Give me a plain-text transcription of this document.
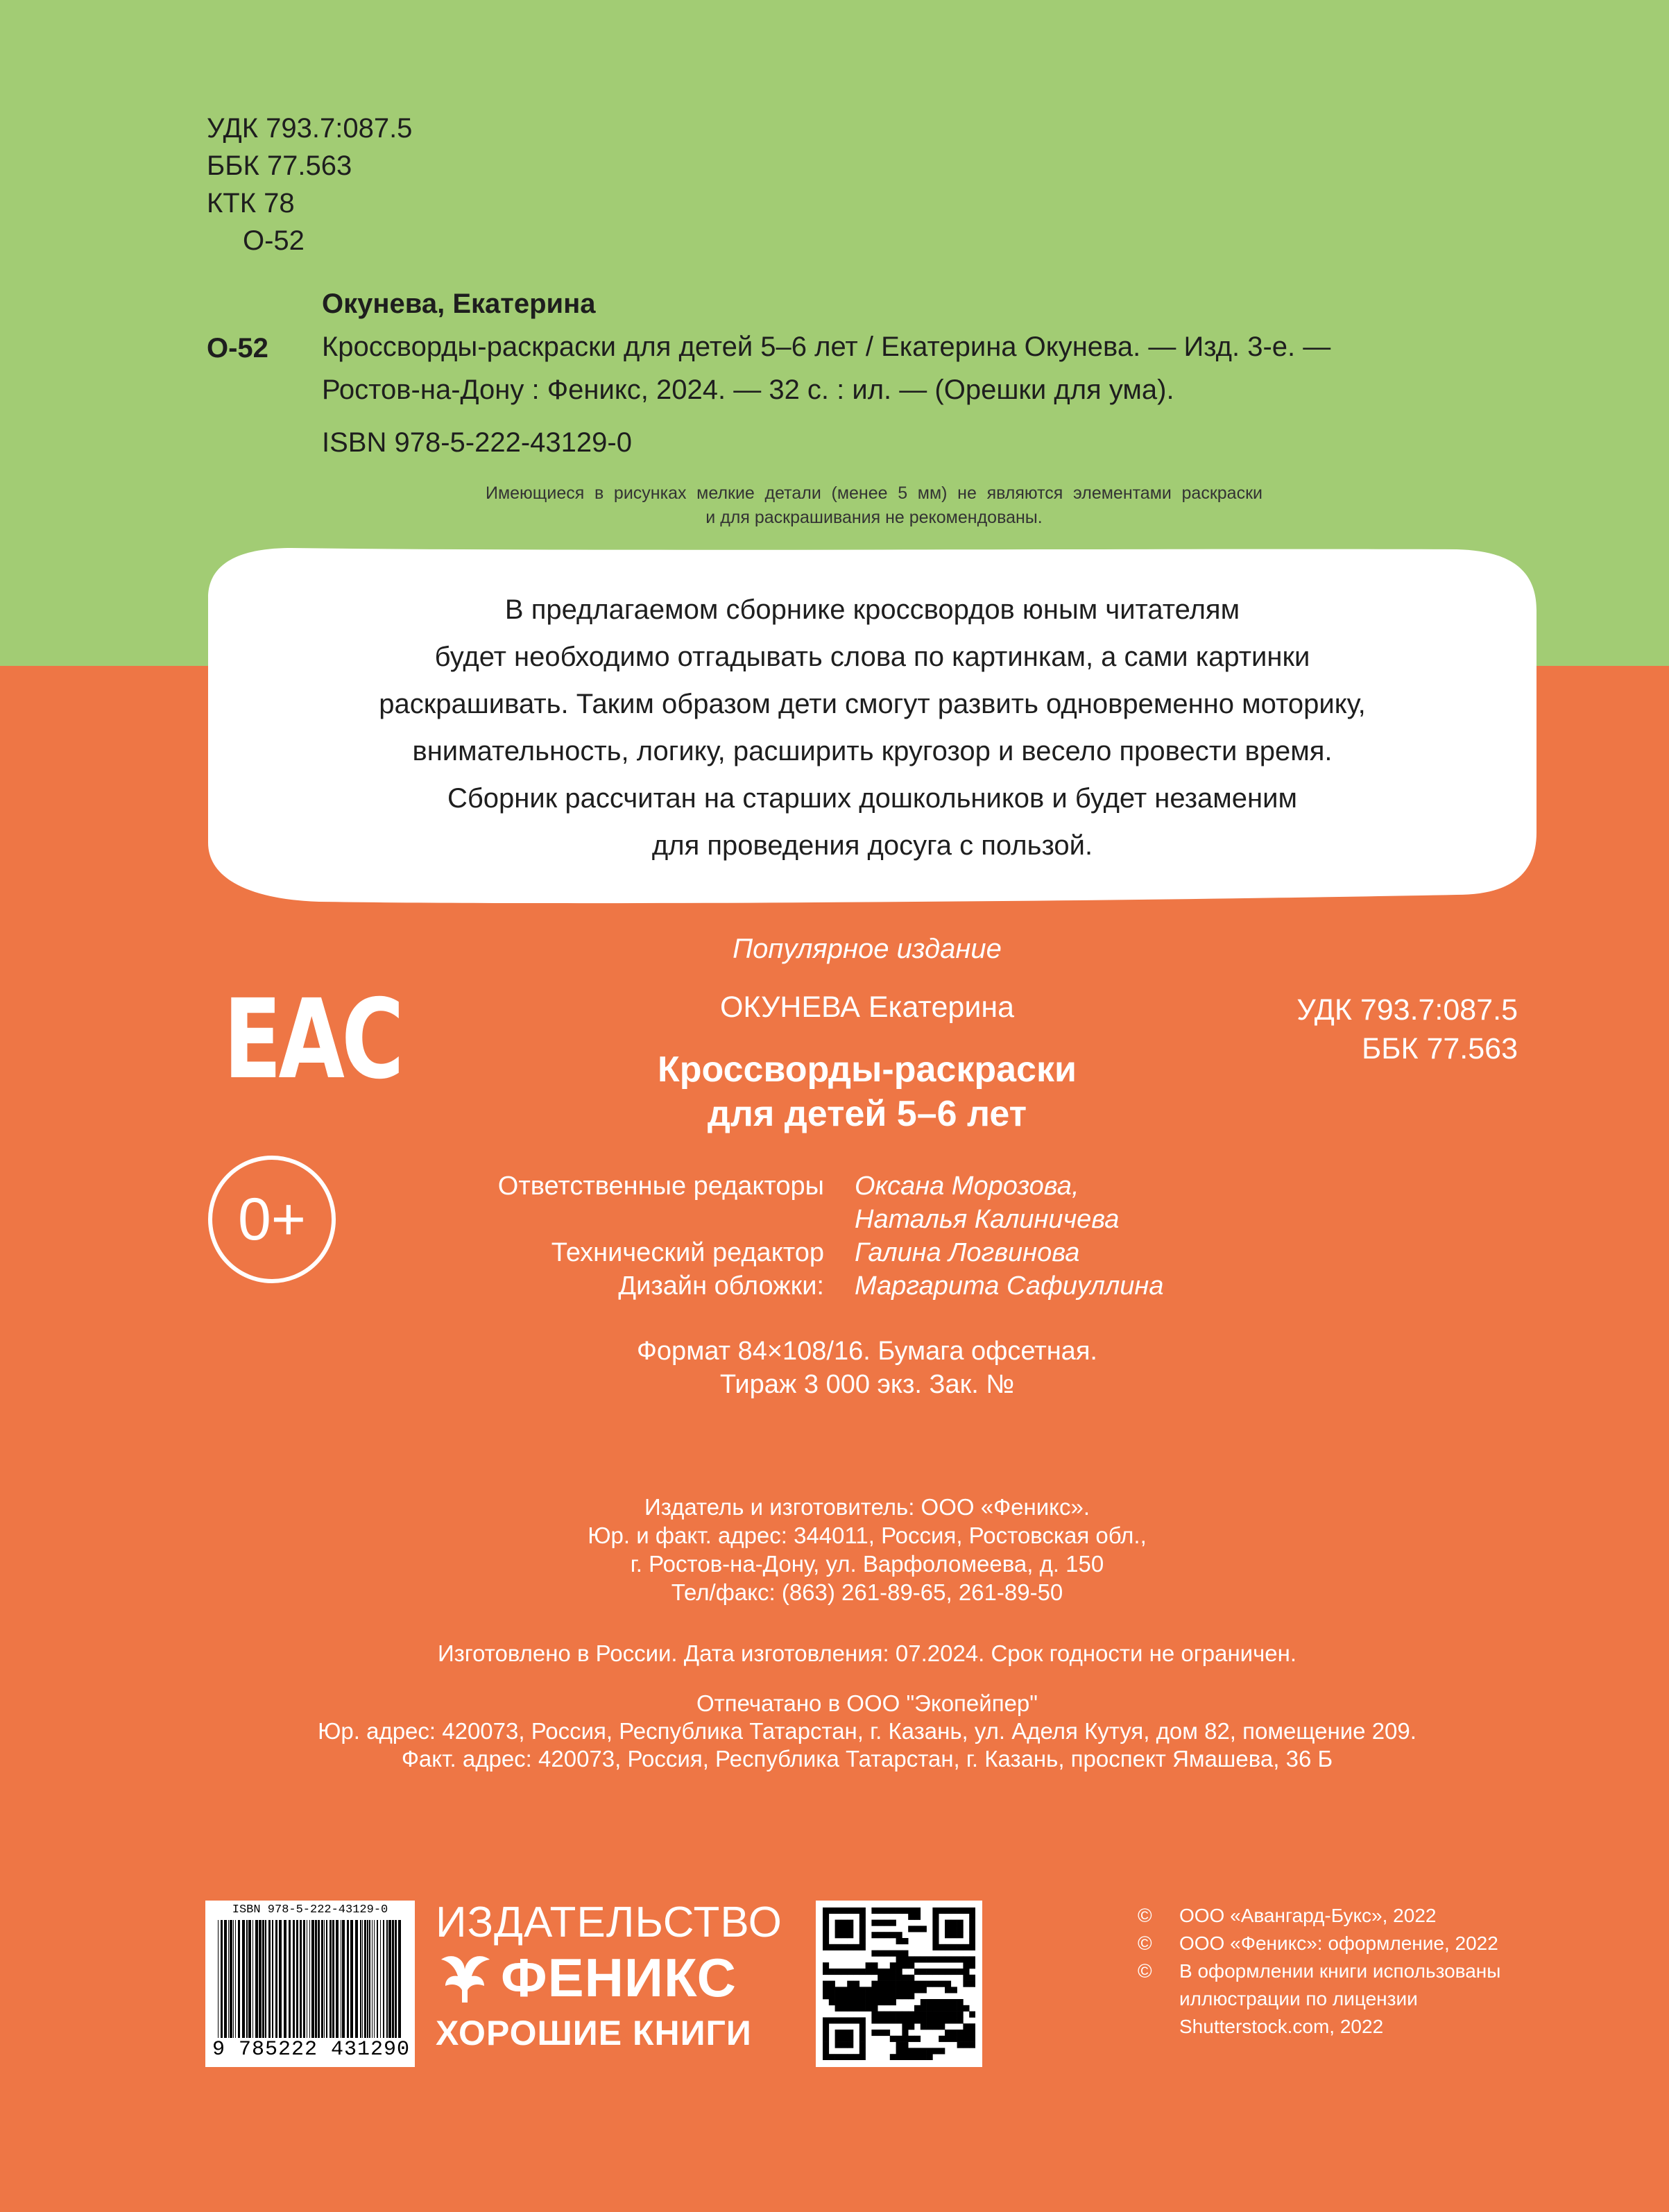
УДК 793.7:087.5
ББК 77.563
КТК 78
О-52
О-52
Окунева, Екатерина
Кроссворды-раскраски для детей 5–6 лет / Екатерина Окунева. — Изд. 3-е. —
Ростов-на-Дону : Феникс, 2024. — 32 с. : ил. — (Орешки для ума).
ISBN 978-5-222-43129-0
Имеющиеся в рисунках мелкие детали (менее 5 мм) не являются элементами раскраски
и для раскрашивания не рекомендованы.
В предлагаемом сборнике кроссвордов юным читателям
будет необходимо отгадывать слова по картинкам, а сами картинки
раскрашивать. Таким образом дети смогут развить одновременно моторику,
внимательность, логику, расширить кругозор и весело провести время.
Сборник рассчитан на старших дошкольников и будет незаменим
для проведения досуга с пользой.
Популярное издание
ЕАС
0+
ОКУНЕВА Екатерина	УДК 793.7:087.5
ББК 77.563
Кроссворды-раскраски
для детей 5–6 лет
Ответственные редакторы	Оксана Морозова,
Наталья Калиничева
Технический редактор	Галина Логвинова
Дизайн обложки:	Маргарита Сафиуллина
Формат 84×108/16. Бумага офсетная.
Тираж 3 000 экз. Зак. №
Издатель и изготовитель: ООО «Феникс».
Юр. и факт. адрес: 344011, Россия, Ростовская обл.,
г. Ростов-на-Дону, ул. Варфоломеева, д. 150
Тел/факс: (863) 261-89-65, 261-89-50
Изготовлено в России. Дата изготовления: 07.2024. Срок годности не ограничен.
Отпечатано в ООО "Экопейпер"
Юр. адрес: 420073, Россия, Республика Татарстан, г. Казань, ул. Аделя Кутуя, дом 82, помещение 209.
Факт. адрес: 420073, Россия, Республика Татарстан, г. Казань, проспект Ямашева, 36 Б
ISBN 978-5-222-43129-0
9 785222 431290
ИЗДАТЕЛЬСТВО
ФЕНИКС
ХОРОШИЕ КНИГИ
©	ООО «Авангард-Букс», 2022
©	ООО «Феникс»: оформление, 2022
©	В оформлении книги использованы
иллюстрации по лицензии
Shutterstock.com, 2022
